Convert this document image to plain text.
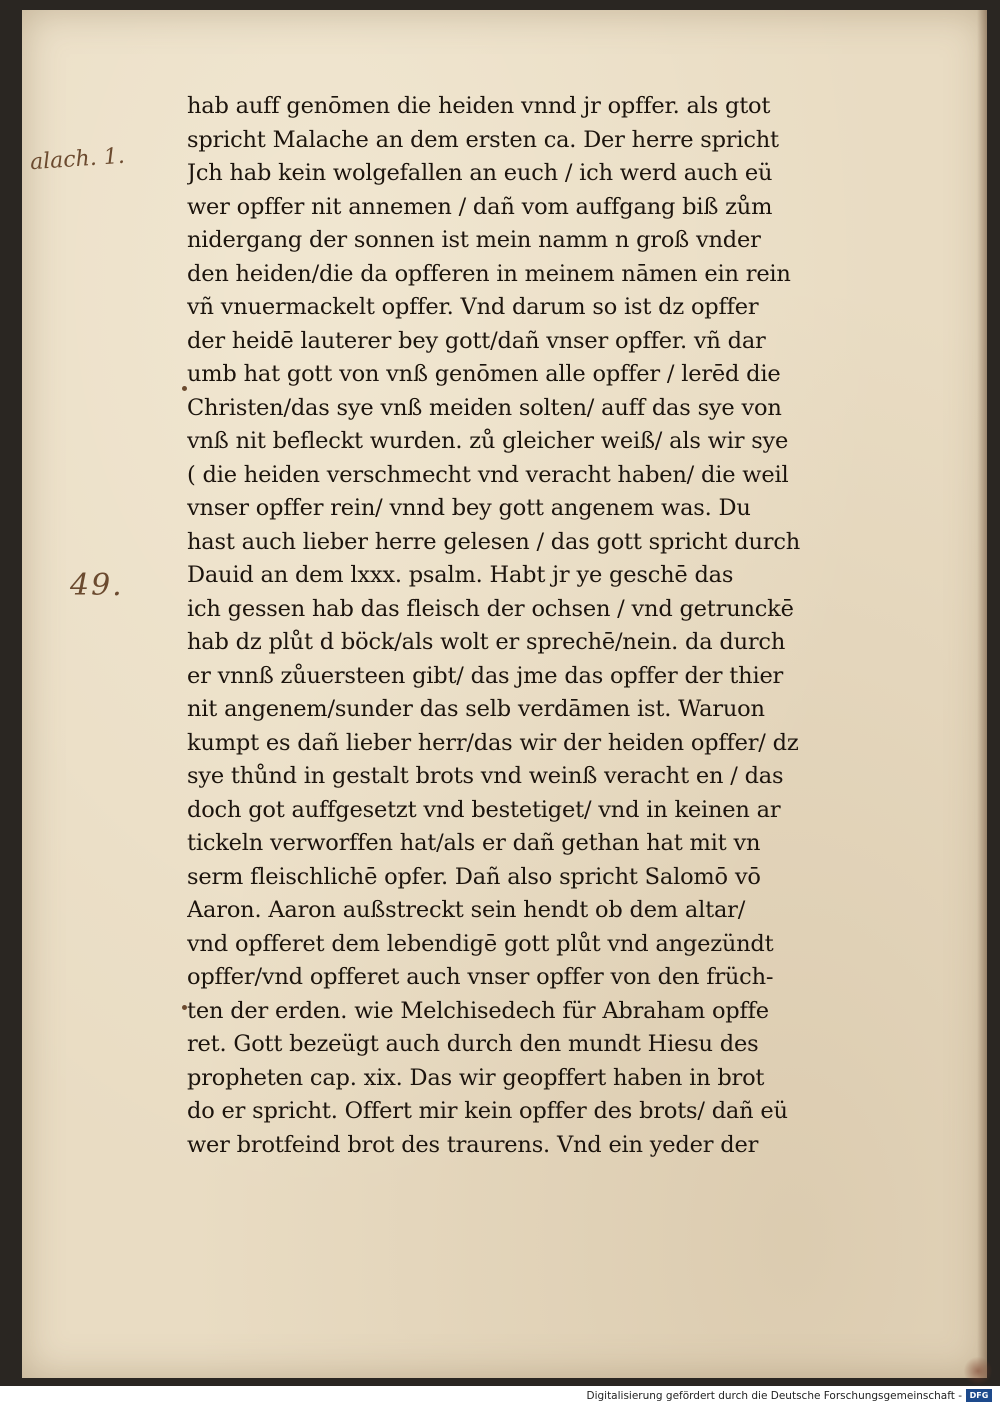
alach. 1.
49.
hab auff genōmen die heiden vnnd jr opffer. als gtot
spricht Malache an dem ersten ca. Der herre spricht
Jch hab kein wolgefallen an euch / ich werd auch eü
wer opffer nit annemen / dañ vom auffgang biß zům
nidergang der sonnen ist mein namm n groß vnder
den heiden/die da opfferen in meinem nāmen ein rein
vñ vnuermackelt opffer. Vnd darum so ist dz opffer
der heidē lauterer bey gott/dañ vnser opffer. vñ dar
umb hat gott von vnß genōmen alle opffer / lerēd die
Christen/das sye vnß meiden solten/ auff das sye von
vnß nit befleckt wurden. zů gleicher weiß/ als wir sye
( die heiden verschmecht vnd veracht haben/ die weil
vnser opffer rein/ vnnd bey gott angenem was. Du
hast auch lieber herre gelesen / das gott spricht durch
Dauid an dem lxxx. psalm. Habt jr ye geschē das
ich gessen hab das fleisch der ochsen / vnd getrunckē
hab dz plůt d böck/als wolt er sprechē/nein. da durch
er vnnß zůuersteen gibt/ das jme das opffer der thier
nit angenem/sunder das selb verdāmen ist. Waruon
kumpt es dañ lieber herr/das wir der heiden opffer/ dz
sye thůnd in gestalt brots vnd weinß veracht en / das
doch got auffgesetzt vnd bestetiget/ vnd in keinen ar
tickeln verworffen hat/als er dañ gethan hat mit vn
serm fleischlichē opfer. Dañ also spricht Salomō vō
Aaron. Aaron außstreckt sein hendt ob dem altar/
vnd opfferet dem lebendigē gott plůt vnd angezündt
opffer/vnd opfferet auch vnser opffer von den früch-
ten der erden. wie Melchisedech für Abraham opffe
ret. Gott bezeügt auch durch den mundt Hiesu des
propheten cap. xix. Das wir geopffert haben in brot
do er spricht. Offert mir kein opffer des brots/ dañ eü
wer brotfeind brot des traurens. Vnd ein yeder der
Digitalisierung gefördert durch die Deutsche Forschungsgemeinschaft - DFG
